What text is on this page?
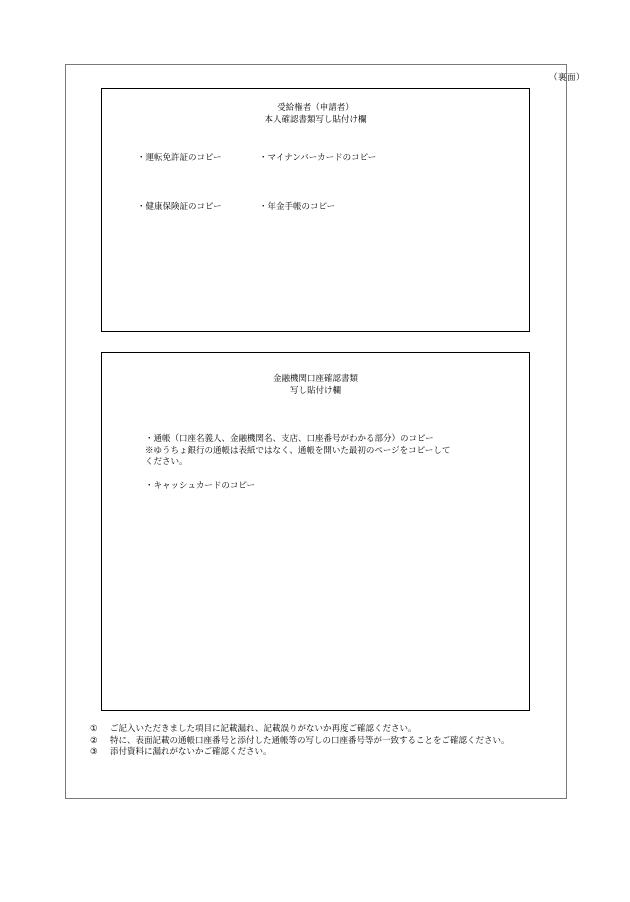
（裏面）
受給権者（申請者）
本人確認書類写し貼付け欄
・運転免許証のコピー	・マイナンバーカードのコピー
・健康保険証のコピー	・年金手帳のコピー
金融機関口座確認書類
写し貼付け欄
・通帳（口座名義人、金融機関名、支店、口座番号がわかる部分）のコピー
※ゆうちょ銀行の通帳は表紙ではなく、通帳を開いた最初のページをコピーして
ください。
・キャッシュカードのコピー
① ご記入いただきました項目に記載漏れ、記載誤りがないか再度ご確認ください。
② 特に、表面記載の通帳口座番号と添付した通帳等の写しの口座番号等が一致することをご確認ください。
③ 添付資料に漏れがないかご確認ください。
